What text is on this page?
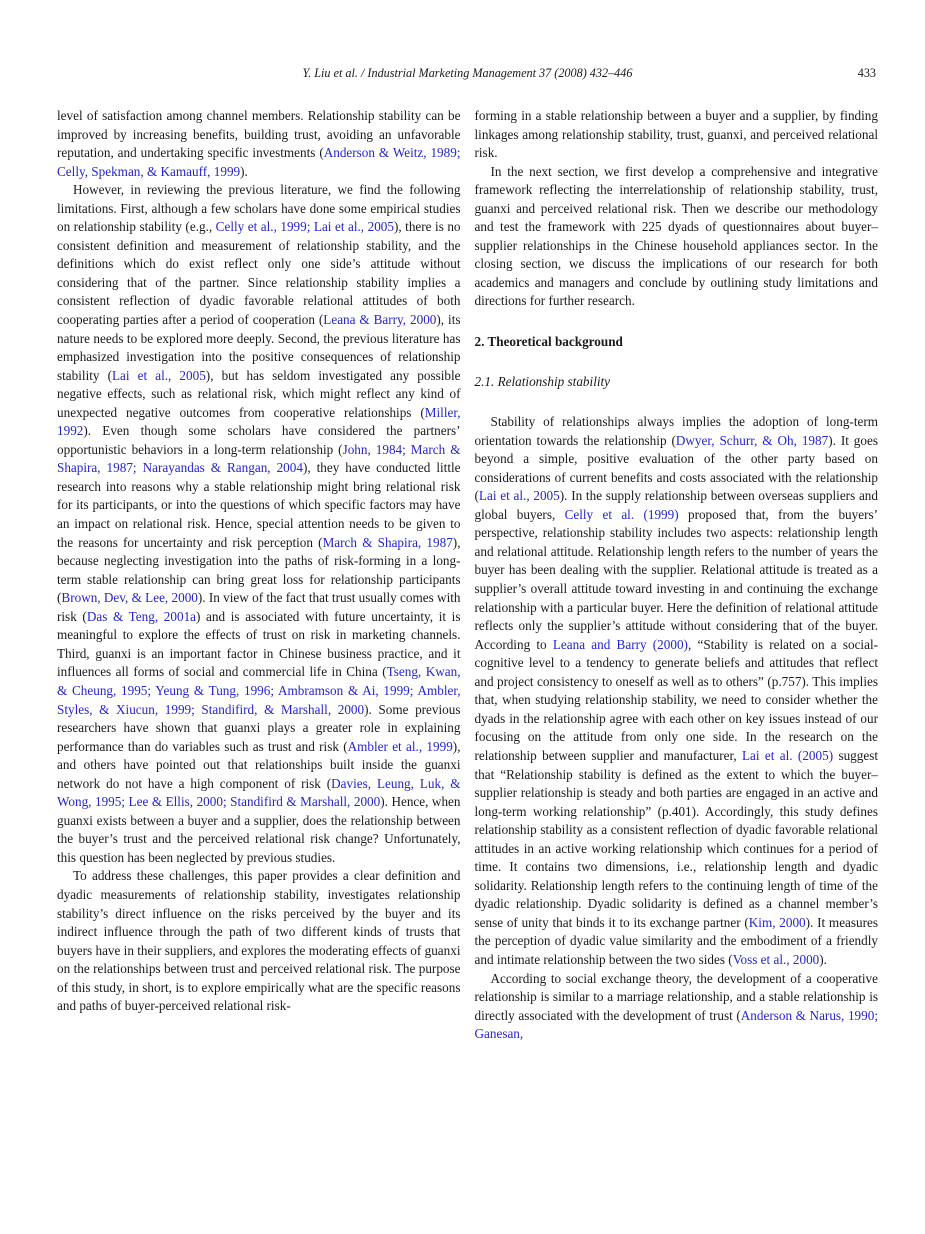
Y. Liu et al. / Industrial Marketing Management 37 (2008) 432–446	433

level of satisfaction among channel members. Relationship stability can be improved by increasing benefits, building trust, avoiding an unfavorable reputation, and undertaking specific investments (Anderson & Weitz, 1989; Celly, Spekman, & Kamauff, 1999).

However, in reviewing the previous literature, we find the following limitations. First, although a few scholars have done some empirical studies on relationship stability (e.g., Celly et al., 1999; Lai et al., 2005), there is no consistent definition and measurement of relationship stability, and the definitions which do exist reflect only one side’s attitude without considering that of the partner. Since relationship stability implies a consistent reflection of dyadic favorable relational attitudes of both cooperating parties after a period of cooperation (Leana & Barry, 2000), its nature needs to be explored more deeply. Second, the previous literature has emphasized investigation into the positive consequences of relationship stability (Lai et al., 2005), but has seldom investigated any possible negative effects, such as relational risk, which might reflect any kind of unexpected negative outcomes from cooperative relationships (Miller, 1992). Even though some scholars have considered the partners’ opportunistic behaviors in a long-term relationship (John, 1984; March & Shapira, 1987; Narayandas & Rangan, 2004), they have conducted little research into reasons why a stable relationship might bring relational risk for its participants, or into the questions of which specific factors may have an impact on relational risk. Hence, special attention needs to be given to the reasons for uncertainty and risk perception (March & Shapira, 1987), because neglecting investigation into the paths of risk-forming in a long-term stable relationship can bring great loss for relationship participants (Brown, Dev, & Lee, 2000). In view of the fact that trust usually comes with risk (Das & Teng, 2001a) and is associated with future uncertainty, it is meaningful to explore the effects of trust on risk in marketing channels. Third, guanxi is an important factor in Chinese business practice, and it influences all forms of social and commercial life in China (Tseng, Kwan, & Cheung, 1995; Yeung & Tung, 1996; Ambramson & Ai, 1999; Ambler, Styles, & Xiucun, 1999; Standifird, & Marshall, 2000). Some previous researchers have shown that guanxi plays a greater role in explaining performance than do variables such as trust and risk (Ambler et al., 1999), and others have pointed out that relationships built inside the guanxi network do not have a high component of risk (Davies, Leung, Luk, & Wong, 1995; Lee & Ellis, 2000; Standifird & Marshall, 2000). Hence, when guanxi exists between a buyer and a supplier, does the relationship between the buyer’s trust and the perceived relational risk change? Unfortunately, this question has been neglected by previous studies.

To address these challenges, this paper provides a clear definition and dyadic measurements of relationship stability, investigates relationship stability’s direct influence on the risks perceived by the buyer and its indirect influence through the path of two different kinds of trusts that buyers have in their suppliers, and explores the moderating effects of guanxi on the relationships between trust and perceived relational risk. The purpose of this study, in short, is to explore empirically what are the specific reasons and paths of buyer-perceived relational risk-

forming in a stable relationship between a buyer and a supplier, by finding linkages among relationship stability, trust, guanxi, and perceived relational risk.

In the next section, we first develop a comprehensive and integrative framework reflecting the interrelationship of relationship stability, trust, guanxi and perceived relational risk. Then we describe our methodology and test the framework with 225 dyads of questionnaires about buyer–supplier relationships in the Chinese household appliances sector. In the closing section, we discuss the implications of our research for both academics and managers and conclude by outlining study limitations and directions for further research.

2. Theoretical background
2.1. Relationship stability

Stability of relationships always implies the adoption of long-term orientation towards the relationship (Dwyer, Schurr, & Oh, 1987). It goes beyond a simple, positive evaluation of the other party based on considerations of current benefits and costs associated with the relationship (Lai et al., 2005). In the supply relationship between overseas suppliers and global buyers, Celly et al. (1999) proposed that, from the buyers’ perspective, relationship stability includes two aspects: relationship length and relational attitude. Relationship length refers to the number of years the buyer has been dealing with the supplier. Relational attitude is treated as a supplier’s overall attitude toward investing in and continuing the exchange relationship with a particular buyer. Here the definition of relational attitude reflects only the supplier’s attitude without considering that of the buyer. According to Leana and Barry (2000), “Stability is related on a social-cognitive level to a tendency to generate beliefs and attitudes that reflect and project consistency to oneself as well as to others” (p.757). This implies that, when studying relationship stability, we need to consider whether the dyads in the relationship agree with each other on key issues instead of our focusing on the attitude from only one side. In the research on the relationship between supplier and manufacturer, Lai et al. (2005) suggest that “Relationship stability is defined as the extent to which the buyer–supplier relationship is steady and both parties are engaged in an active and long-term working relationship” (p.401). Accordingly, this study defines relationship stability as a consistent reflection of dyadic favorable relational attitudes in an active working relationship which continues for a period of time. It contains two dimensions, i.e., relationship length and dyadic solidarity. Relationship length refers to the continuing length of time of the dyadic relationship. Dyadic solidarity is defined as a channel member’s sense of unity that binds it to its exchange partner (Kim, 2000). It measures the perception of dyadic value similarity and the embodiment of a friendly and intimate relationship between the two sides (Voss et al., 2000).

According to social exchange theory, the development of a cooperative relationship is similar to a marriage relationship, and a stable relationship is directly associated with the development of trust (Anderson & Narus, 1990; Ganesan,
